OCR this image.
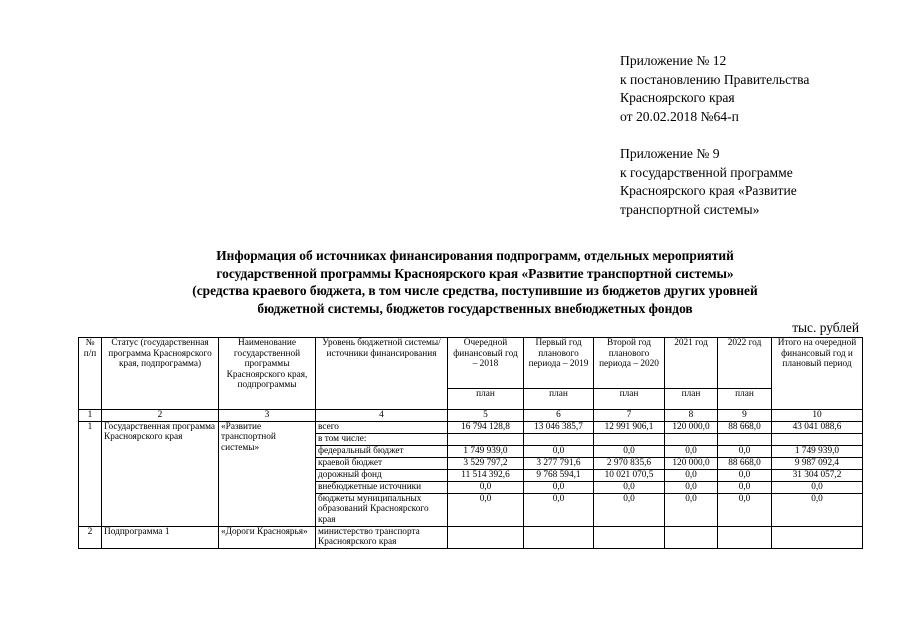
Приложение № 12
к постановлению Правительства
Красноярского края
от 20.02.2018 №64-п
Приложение № 9
к государственной программе
Красноярского края «Развитие
транспортной системы»
Информация об источниках финансирования подпрограмм, отдельных мероприятий
государственной программы Красноярского края «Развитие транспортной системы»
(средства краевого бюджета, в том числе средства, поступившие из бюджетов других уровней
бюджетной системы, бюджетов государственных внебюджетных фондов
тыс. рублей
№ п/п	Статус (государственная программа Красноярского края, подпрограмма)	Наименование государственной программы Красноярского края, подпрограммы	Уровень бюджетной системы/источники финансирования	Очередной финансовый год – 2018	Первый год планового периода – 2019	Второй год планового периода – 2020	2021 год	2022 год	Итого на очередной финансовый год и плановый период
				план	план	план	план	план	
1	2	3	4	5	6	7	8	9	10
1	Государственная программа Красноярского края	«Развитие транспортной системы»	всего	16 794 128,8	13 046 385,7	12 991 906,1	120 000,0	88 668,0	43 041 088,6
			в том числе:						
			федеральный бюджет	1 749 939,0	0,0	0,0	0,0	0,0	1 749 939,0
			краевой бюджет	3 529 797,2	3 277 791,6	2 970 835,6	120 000,0	88 668,0	9 987 092,4
			дорожный фонд	11 514 392,6	9 768 594,1	10 021 070,5	0,0	0,0	31 304 057,2
			внебюджетные источники	0,0	0,0	0,0	0,0	0,0	0,0
			бюджеты муниципальных образований Красноярского края	0,0	0,0	0,0	0,0	0,0	0,0
2	Подпрограмма 1	«Дороги Красноярья»	министерство транспорта Красноярского края						
